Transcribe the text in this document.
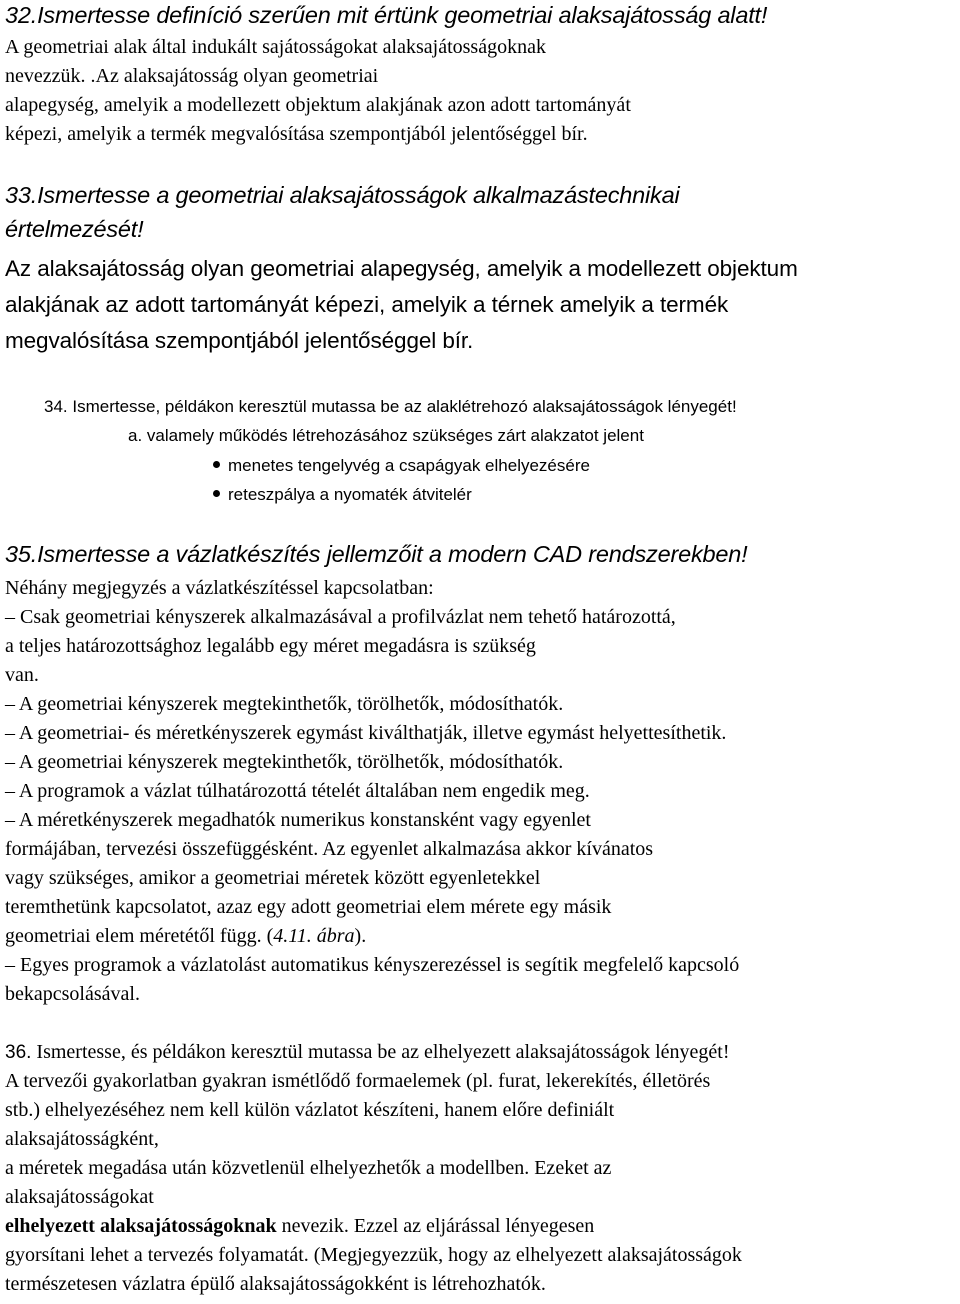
32.Ismertesse definíció szerűen mit értünk geometriai alaksajátosság alatt!
A geometriai alak által indukált sajátosságokat alaksajátosságoknak
nevezzük. .Az alaksajátosság olyan geometriai
alapegység, amelyik a modellezett objektum alakjának azon adott tartományát
képezi, amelyik a termék megvalósítása szempontjából jelentőséggel bír.
33.Ismertesse a geometriai alaksajátosságok alkalmazástechnikai
értelmezését!
Az alaksajátosság olyan geometriai alapegység, amelyik a modellezett objektum
alakjának az adott tartományát képezi, amelyik a térnek amelyik a termék
megvalósítása szempontjából jelentőséggel bír.
34. Ismertesse, példákon keresztül mutassa be az alaklétrehozó alaksajátosságok lényegét!
a. valamely működés létrehozásához szükséges zárt alakzatot jelent
menetes tengelyvég a csapágyak elhelyezésére
reteszpálya a nyomaték átvitelér
35.Ismertesse a vázlatkészítés jellemzőit a modern CAD rendszerekben!
Néhány megjegyzés a vázlatkészítéssel kapcsolatban:
– Csak geometriai kényszerek alkalmazásával a profilvázlat nem tehető határozottá,
a teljes határozottsághoz legalább egy méret megadásra is szükség
van.
– A geometriai kényszerek megtekinthetők, törölhetők, módosíthatók.
– A geometriai- és méretkényszerek egymást kiválthatják, illetve egymást helyettesíthetik.
– A geometriai kényszerek megtekinthetők, törölhetők, módosíthatók.
– A programok a vázlat túlhatározottá tételét általában nem engedik meg.
– A méretkényszerek megadhatók numerikus konstansként vagy egyenlet
formájában, tervezési összefüggésként. Az egyenlet alkalmazása akkor kívánatos
vagy szükséges, amikor a geometriai méretek között egyenletekkel
teremthetünk kapcsolatot, azaz egy adott geometriai elem mérete egy másik
geometriai elem méretétől függ. (4.11. ábra).
– Egyes programok a vázlatolást automatikus kényszerezéssel is segítik megfelelő kapcsoló
bekapcsolásával.
36. Ismertesse, és példákon keresztül mutassa be az elhelyezett alaksajátosságok lényegét!
A tervezői gyakorlatban gyakran ismétlődő formaelemek (pl. furat, lekerekítés, élletörés
stb.) elhelyezéséhez nem kell külön vázlatot készíteni, hanem előre definiált
alaksajátosságként,
a méretek megadása után közvetlenül elhelyezhetők a modellben. Ezeket az
alaksajátosságokat
elhelyezett alaksajátosságoknak nevezik. Ezzel az eljárással lényegesen
gyorsítani lehet a tervezés folyamatát. (Megjegyezzük, hogy az elhelyezett alaksajátosságok
természetesen vázlatra épülő alaksajátosságokként is létrehozhatók.
